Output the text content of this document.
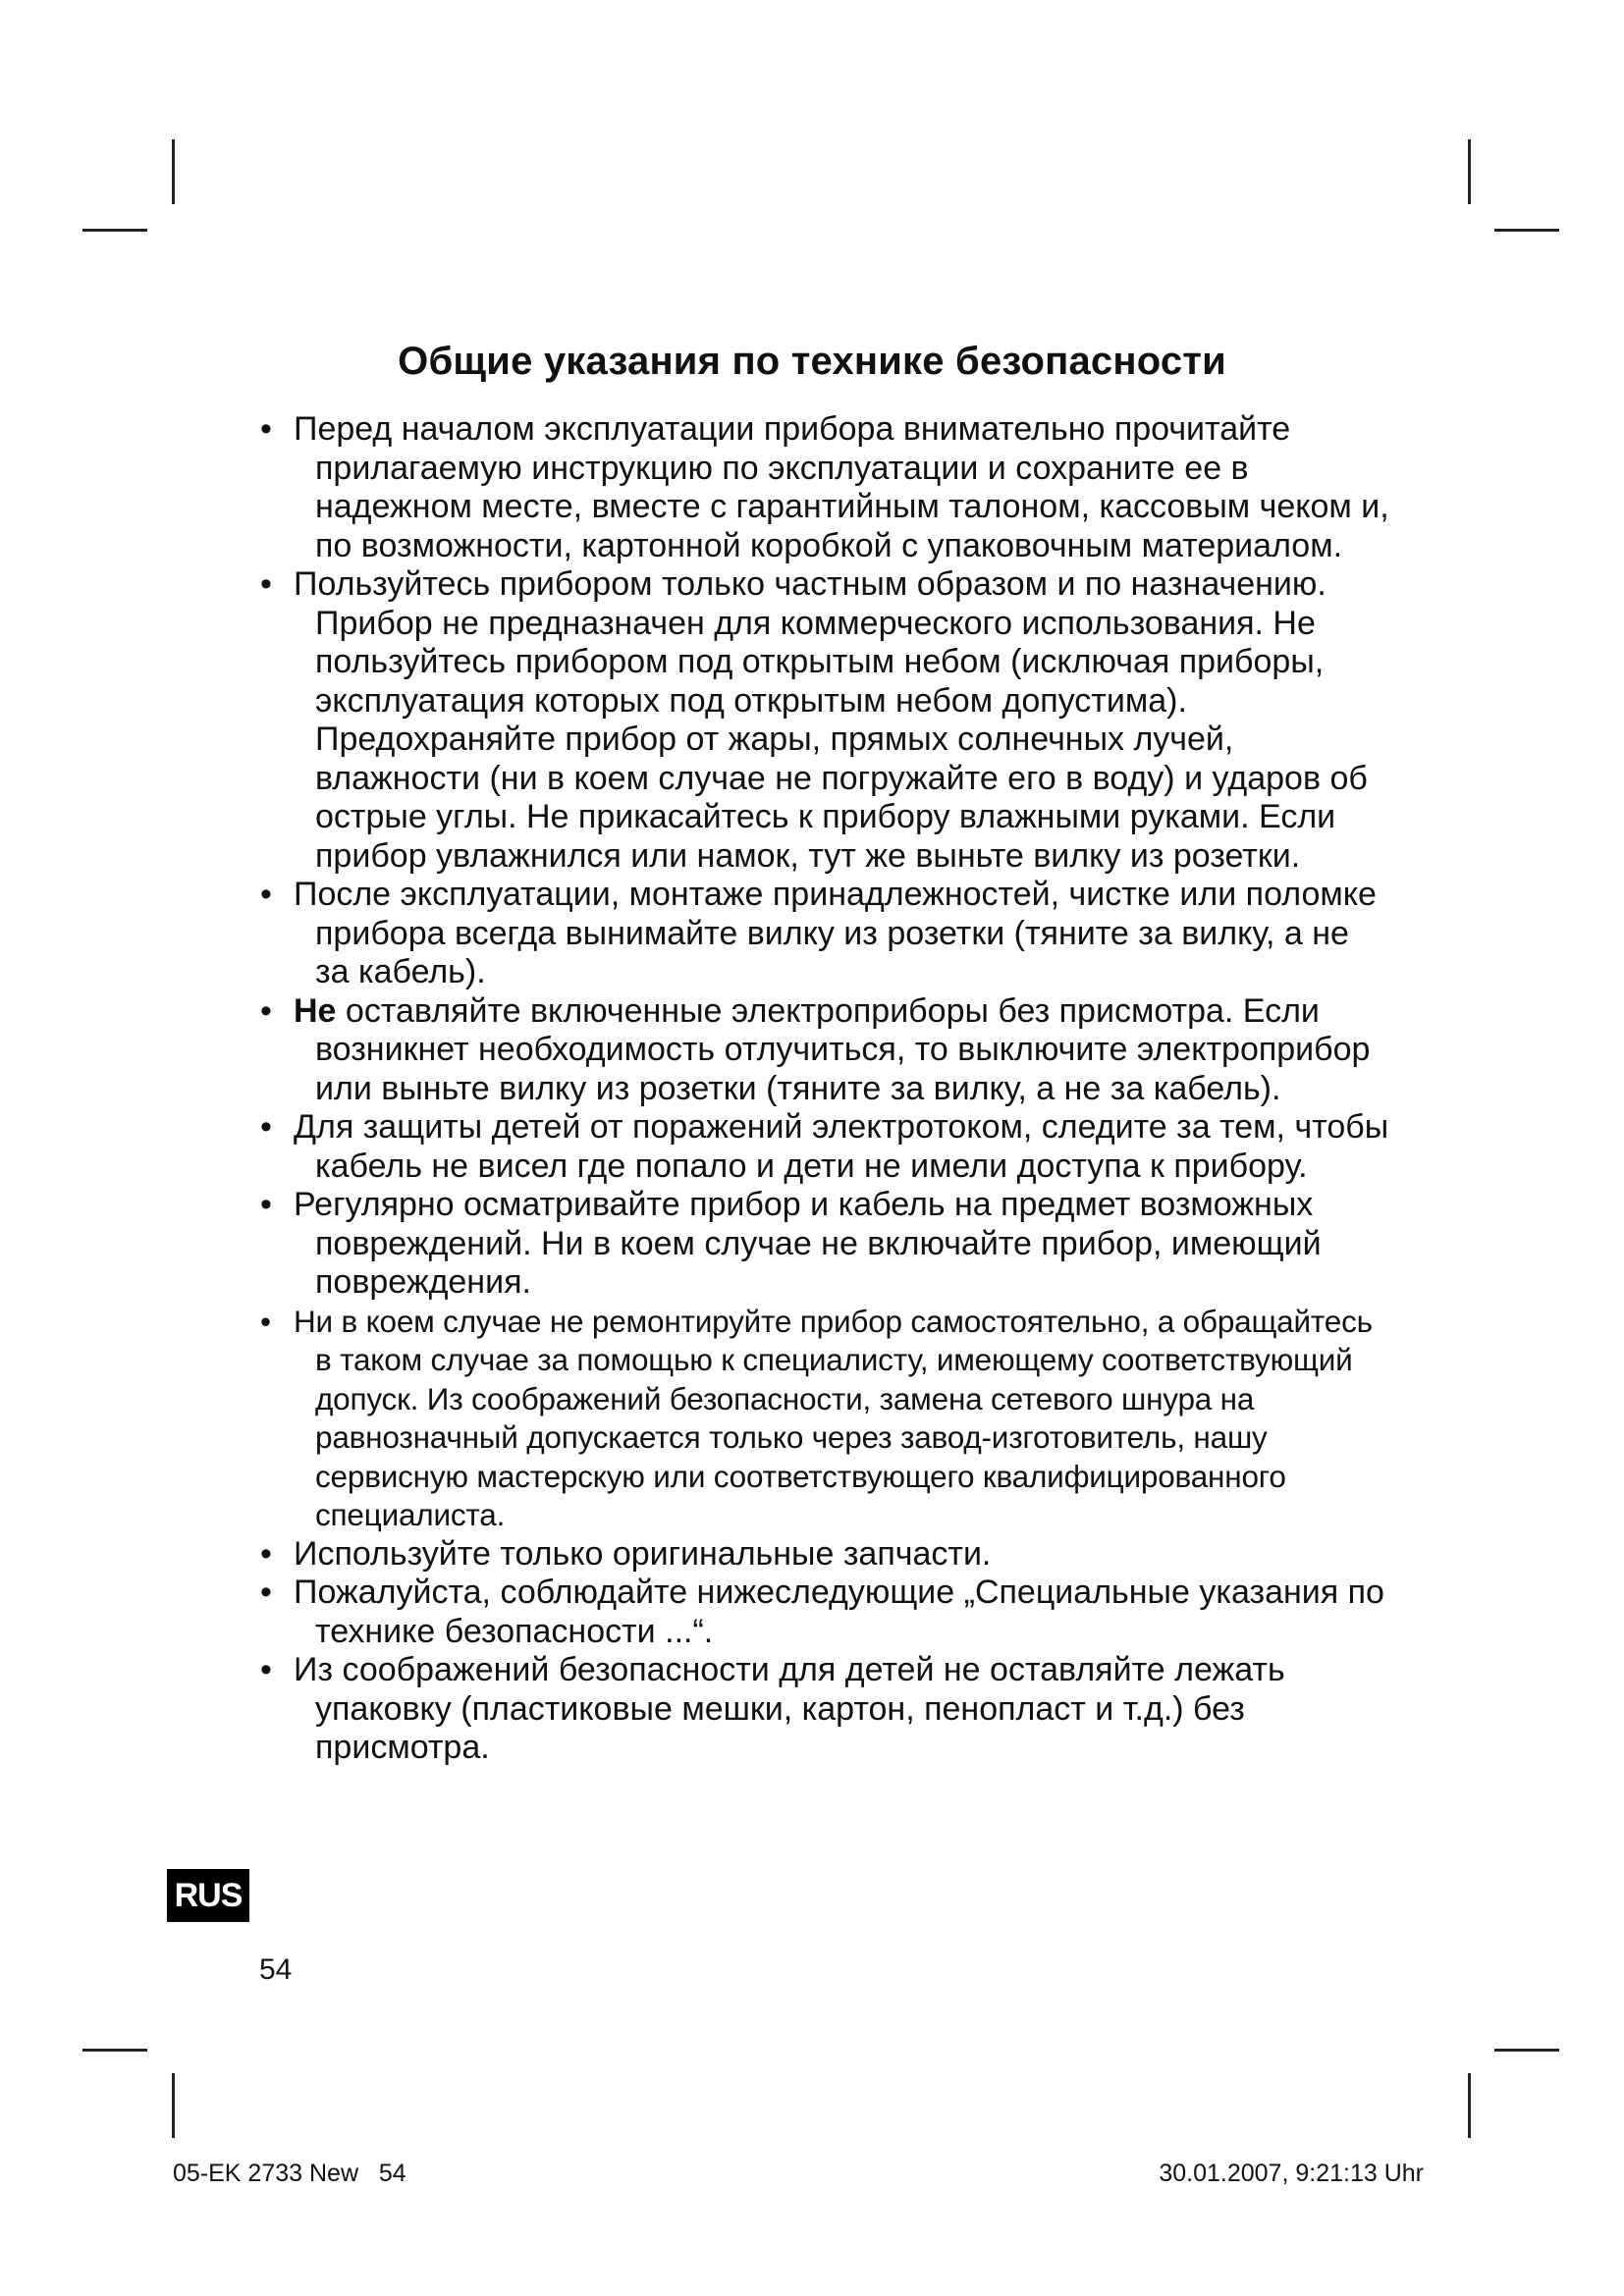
Общие указания по технике безопасности
• Перед началом эксплуатации прибора внимательно прочитайте прилагаемую инструкцию по эксплуатации и сохраните ее в надежном месте, вместе с гарантийным талоном, кассовым чеком и, по возможности, картонной коробкой с упаковочным материалом.
• Пользуйтесь прибором только частным образом и по назначению. Прибор не предназначен для коммерческого использования. Не пользуйтесь прибором под открытым небом (исключая приборы, эксплуатация которых под открытым небом допустима). Предохраняйте прибор от жары, прямых солнечных лучей, влажности (ни в коем случае не погружайте его в воду) и ударов об острые углы. Не прикасайтесь к прибору влажными руками. Если прибор увлажнился или намок, тут же выньте вилку из розетки.
• После эксплуатации, монтаже принадлежностей, чистке или поломке прибора всегда вынимайте вилку из розетки (тяните за вилку, а не за кабель).
• Не оставляйте включенные электроприборы без присмотра. Если возникнет необходимость отлучиться, то выключите электроприбор или выньте вилку из розетки (тяните за вилку, а не за кабель).
• Для защиты детей от поражений электротоком, следите за тем, чтобы кабель не висел где попало и дети не имели доступа к прибору.
• Регулярно осматривайте прибор и кабель на предмет возможных повреждений. Ни в коем случае не включайте прибор, имеющий повреждения.
• Ни в коем случае не ремонтируйте прибор самостоятельно, а обращайтесь в таком случае за помощью к специалисту, имеющему соответствующий допуск. Из соображений безопасности, замена сетевого шнура на равнозначный допускается только через завод-изготовитель, нашу сервисную мастерскую или соответствующего квалифицированного специалиста.
• Используйте только оригинальные запчасти.
• Пожалуйста, соблюдайте нижеследующие „Специальные указания по технике безопасности ...“.
• Из соображений безопасности для детей не оставляйте лежать упаковку (пластиковые мешки, картон, пенопласт и т.д.) без присмотра.
RUS
54
05-EK 2733 New   54	30.01.2007, 9:21:13 Uhr
